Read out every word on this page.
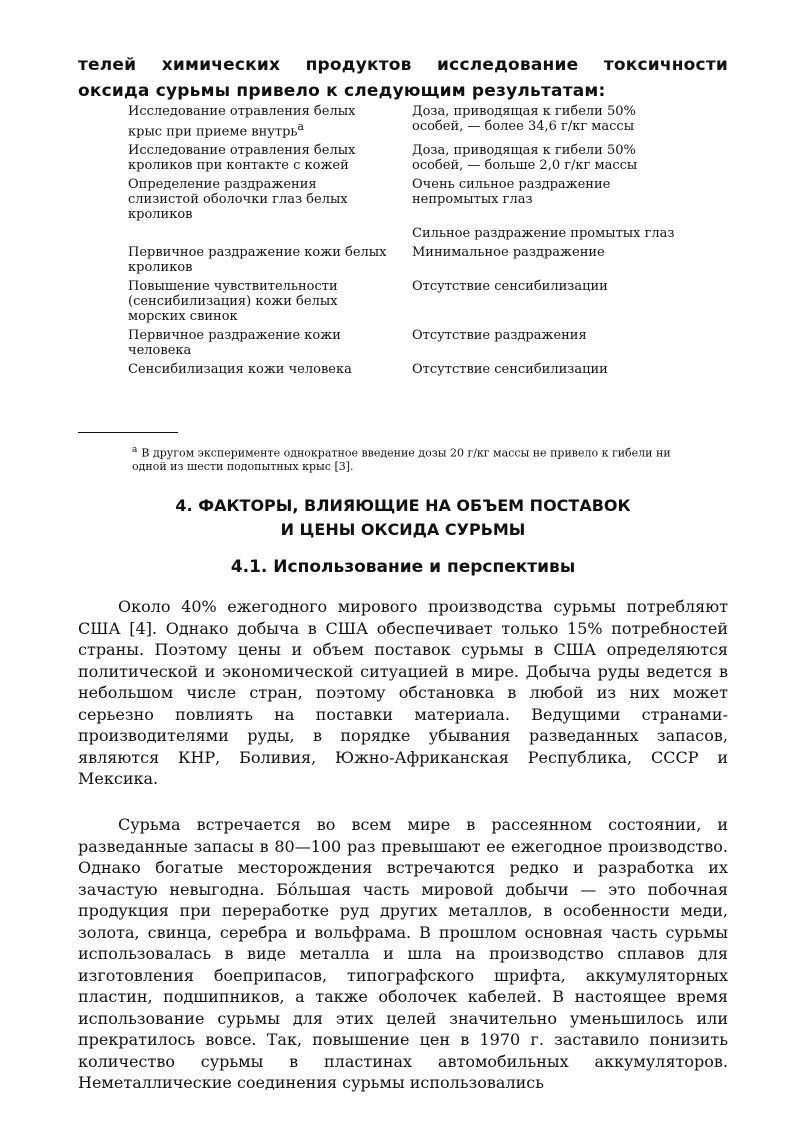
телей химических продуктов исследование токсичности оксида сурьмы привело к следующим результатам:

Исследование отравления белых крыс при приеме внутрь$^a$	Доза, приводящая к гибели 50% особей, — более 34,6 г/кг массы
Исследование отравления белых кроликов при контакте с кожей	Доза, приводящая к гибели 50% особей, — больше 2,0 г/кг массы
Определение раздражения слизистой оболочки глаз белых кроликов	Очень сильное раздражение непромытых глаз
	Сильное раздражение промытых глаз
Первичное раздражение кожи белых кроликов	Минимальное раздражение
Повышение чувствительности (сенсибилизация) кожи белых морских свинок	Отсутствие сенсибилизации
Первичное раздражение кожи человека	Отсутствие раздражения
Сенсибилизация кожи человека	Отсутствие сенсибилизации

$^a$ В другом эксперименте однократное введение дозы 20 г/кг массы не привело к гибели ни одной из шести подопытных крыс [3].

4. ФАКТОРЫ, ВЛИЯЮЩИЕ НА ОБЪЕМ ПОСТАВОК
И ЦЕНЫ ОКСИДА СУРЬМЫ
4.1. Использование и перспективы

Около 40% ежегодного мирового производства сурьмы потребляют США [4]. Однако добыча в США обеспечивает только 15% потребностей страны. Поэтому цены и объем поставок сурьмы в США определяются политической и экономической ситуацией в мире. Добыча руды ведется в небольшом числе стран, поэтому обстановка в любой из них может серьезно повлиять на поставки материала. Ведущими странами-производителями руды, в порядке убывания разведанных запасов, являются КНР, Боливия, Южно-Африканская Республика, СССР и Мексика.

Сурьма встречается во всем мире в рассеянном состоянии, и разведанные запасы в 80—100 раз превышают ее ежегодное производство. Однако богатые месторождения встречаются редко и разработка их зачастую невыгодна. Бо́льшая часть мировой добычи — это побочная продукция при переработке руд других металлов, в особенности меди, золота, свинца, серебра и вольфрама. В прошлом основная часть сурьмы использовалась в виде металла и шла на производство сплавов для изготовления боеприпасов, типографского шрифта, аккумуляторных пластин, подшипников, а также оболочек кабелей. В настоящее время использование сурьмы для этих целей значительно уменьшилось или прекратилось вовсе. Так, повышение цен в 1970 г. заставило понизить количество сурьмы в пластинах автомобильных аккумуляторов. Неметаллические соединения сурьмы использовались
